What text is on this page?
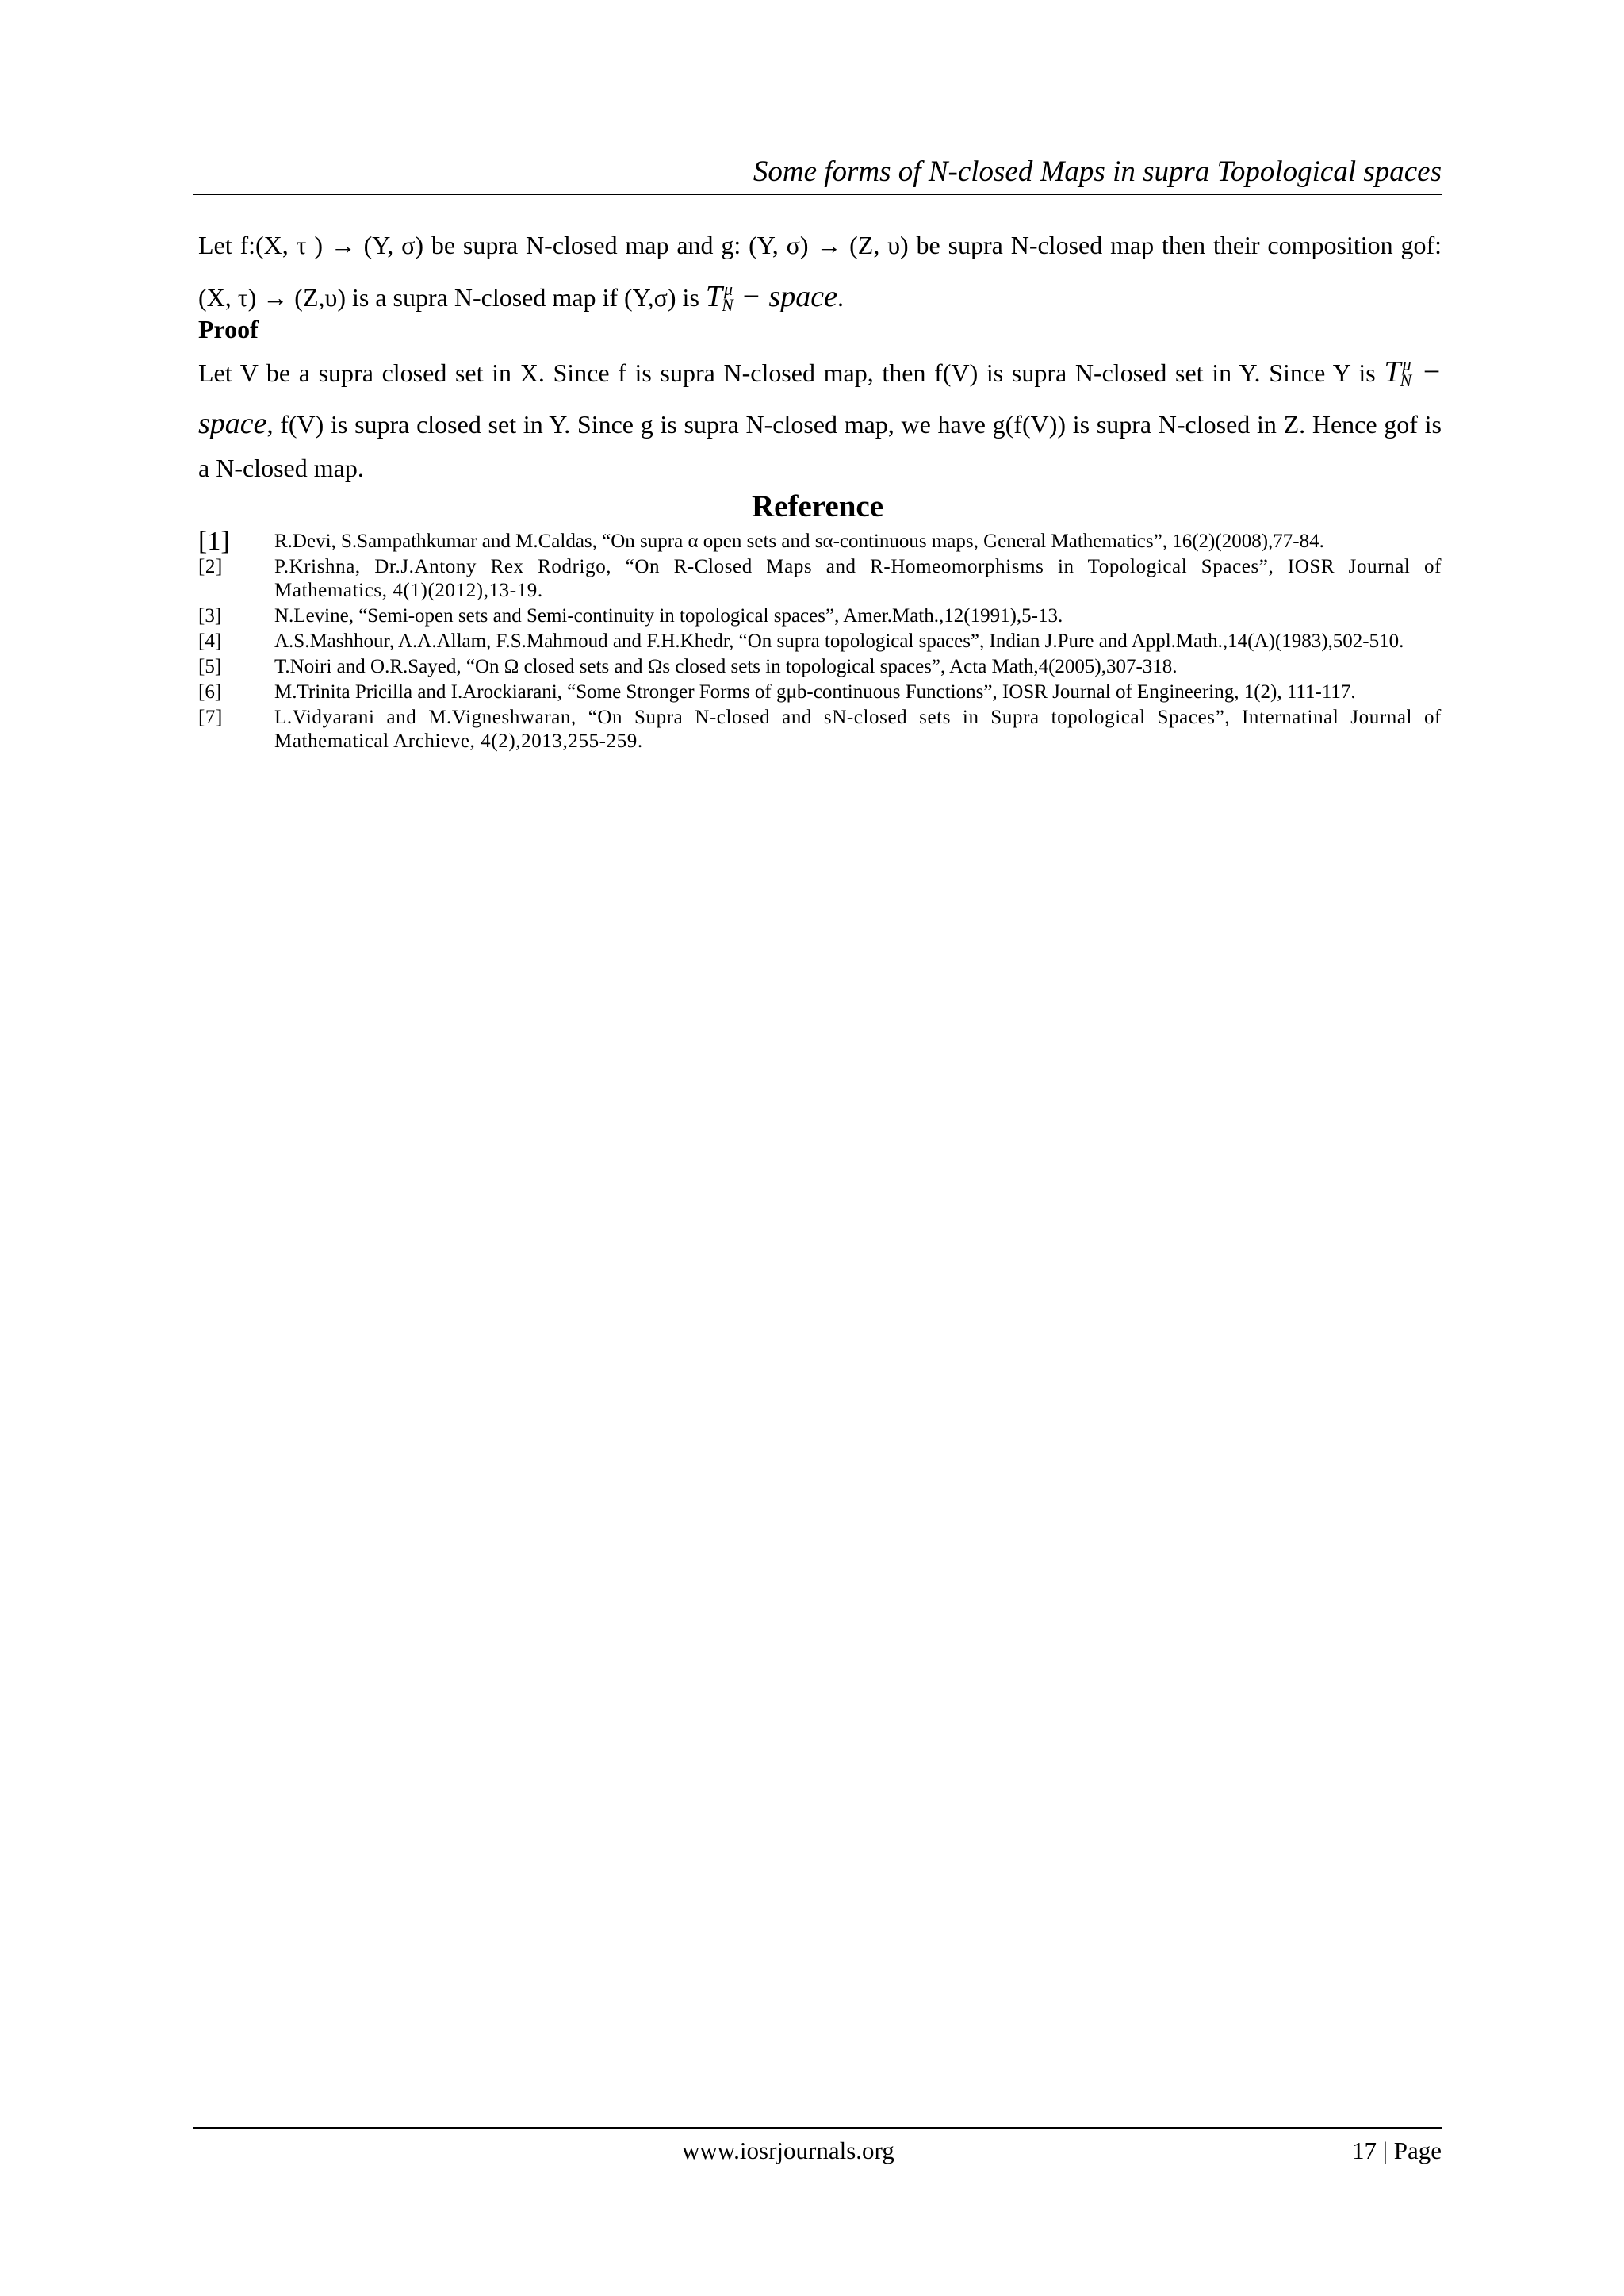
Some forms of N-closed Maps in supra Topological spaces
Let f:(X, τ ) → (Y, σ) be supra N-closed map and g: (Y, σ) → (Z, υ) be supra N-closed map then their composition gof: (X, τ) → (Z,υ) is a supra N-closed map if (Y,σ) is $T^\mu_N$ − space.
Proof
Let V be a supra closed set in X. Since f is supra N-closed map, then f(V) is supra N-closed set in Y. Since Y is $T^\mu_N$ − space, f(V) is supra closed set in Y. Since g is supra N-closed map, we have g(f(V)) is supra N-closed in Z. Hence gof is a N-closed map.
Reference
[1] R.Devi, S.Sampathkumar and M.Caldas, “On supra α open sets and sα-continuous maps, General Mathematics”, 16(2)(2008),77-84.
[2]	P.Krishna, Dr.J.Antony Rex Rodrigo, “On R-Closed Maps and R-Homeomorphisms in Topological Spaces”, IOSR Journal of Mathematics, 4(1)(2012),13-19.
[3]	N.Levine, “Semi-open sets and Semi-continuity in topological spaces”, Amer.Math.,12(1991),5-13.
[4]	A.S.Mashhour, A.A.Allam, F.S.Mahmoud and F.H.Khedr, “On supra topological spaces”, Indian J.Pure and Appl.Math.,14(A)(1983),502-510.
[5]	T.Noiri and O.R.Sayed, “On Ω closed sets and Ωs closed sets in topological spaces”, Acta Math,4(2005),307-318.
[6]	M.Trinita Pricilla and I.Arockiarani, “Some Stronger Forms of gμb-continuous Functions”, IOSR Journal of Engineering, 1(2), 111-117.
[7]	L.Vidyarani and M.Vigneshwaran, “On Supra N-closed and sN-closed sets in Supra topological Spaces”, Internatinal Journal of Mathematical Archieve, 4(2),2013,255-259.
www.iosrjournals.org	17 | Page
